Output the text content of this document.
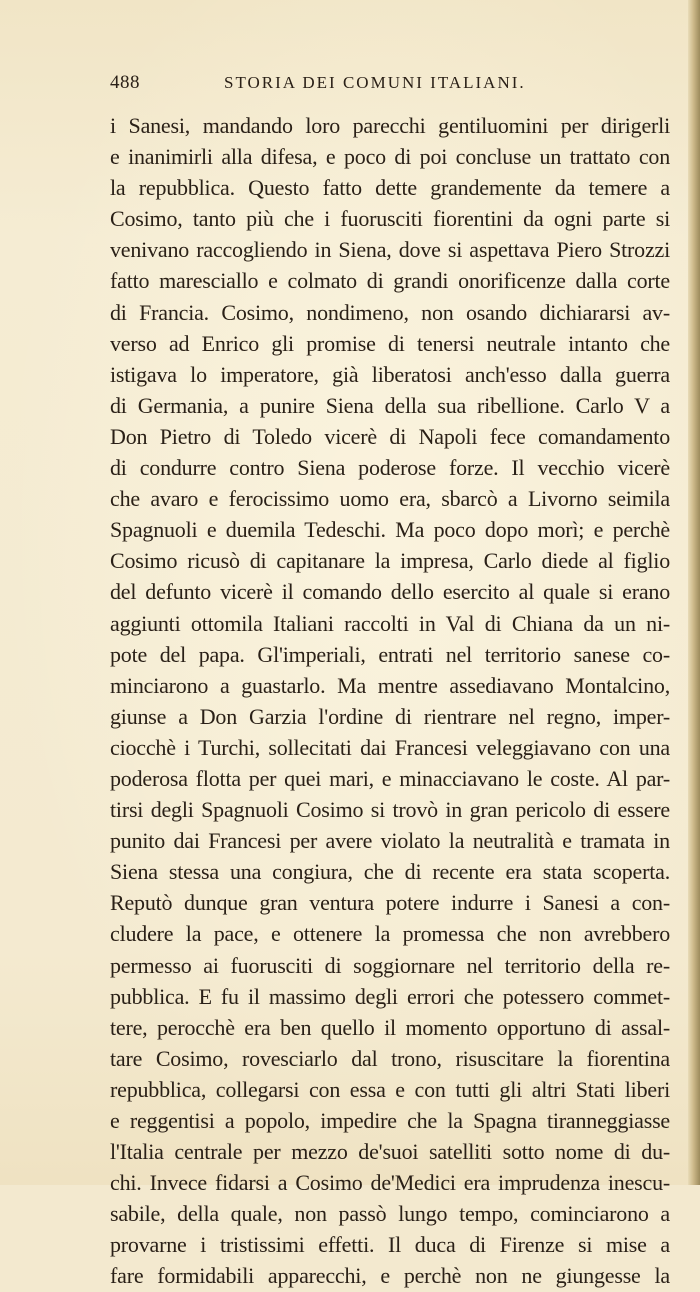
488	STORIA DEI COMUNI ITALIANI.
i Sanesi, mandando loro parecchi gentiluomini per dirigerli
e inanimirli alla difesa, e poco di poi concluse un trattato con
la repubblica. Questo fatto dette grandemente da temere a
Cosimo, tanto più che i fuorusciti fiorentini da ogni parte si
venivano raccogliendo in Siena, dove si aspettava Piero Strozzi
fatto maresciallo e colmato di grandi onorificenze dalla corte
di Francia. Cosimo, nondimeno, non osando dichiararsi av-
verso ad Enrico gli promise di tenersi neutrale intanto che
istigava lo imperatore, già liberatosi anch'esso dalla guerra
di Germania, a punire Siena della sua ribellione. Carlo V a
Don Pietro di Toledo vicerè di Napoli fece comandamento
di condurre contro Siena poderose forze. Il vecchio vicerè
che avaro e ferocissimo uomo era, sbarcò a Livorno seimila
Spagnuoli e duemila Tedeschi. Ma poco dopo morì; e perchè
Cosimo ricusò di capitanare la impresa, Carlo diede al figlio
del defunto vicerè il comando dello esercito al quale si erano
aggiunti ottomila Italiani raccolti in Val di Chiana da un ni-
pote del papa. Gl'imperiali, entrati nel territorio sanese co-
minciarono a guastarlo. Ma mentre assediavano Montalcino,
giunse a Don Garzia l'ordine di rientrare nel regno, imper-
ciocchè i Turchi, sollecitati dai Francesi veleggiavano con una
poderosa flotta per quei mari, e minacciavano le coste. Al par-
tirsi degli Spagnuoli Cosimo si trovò in gran pericolo di essere
punito dai Francesi per avere violato la neutralità e tramata in
Siena stessa una congiura, che di recente era stata scoperta.
Reputò dunque gran ventura potere indurre i Sanesi a con-
cludere la pace, e ottenere la promessa che non avrebbero
permesso ai fuorusciti di soggiornare nel territorio della re-
pubblica. E fu il massimo degli errori che potessero commet-
tere, perocchè era ben quello il momento opportuno di assal-
tare Cosimo, rovesciarlo dal trono, risuscitare la fiorentina
repubblica, collegarsi con essa e con tutti gli altri Stati liberi
e reggentisi a popolo, impedire che la Spagna tiranneggiasse
l'Italia centrale per mezzo de'suoi satelliti sotto nome di du-
chi. Invece fidarsi a Cosimo de'Medici era imprudenza inescu-
sabile, della quale, non passò lungo tempo, cominciarono a
provarne i tristissimi effetti. Il duca di Firenze si mise a
fare formidabili apparecchi, e perchè non ne giungesse la
